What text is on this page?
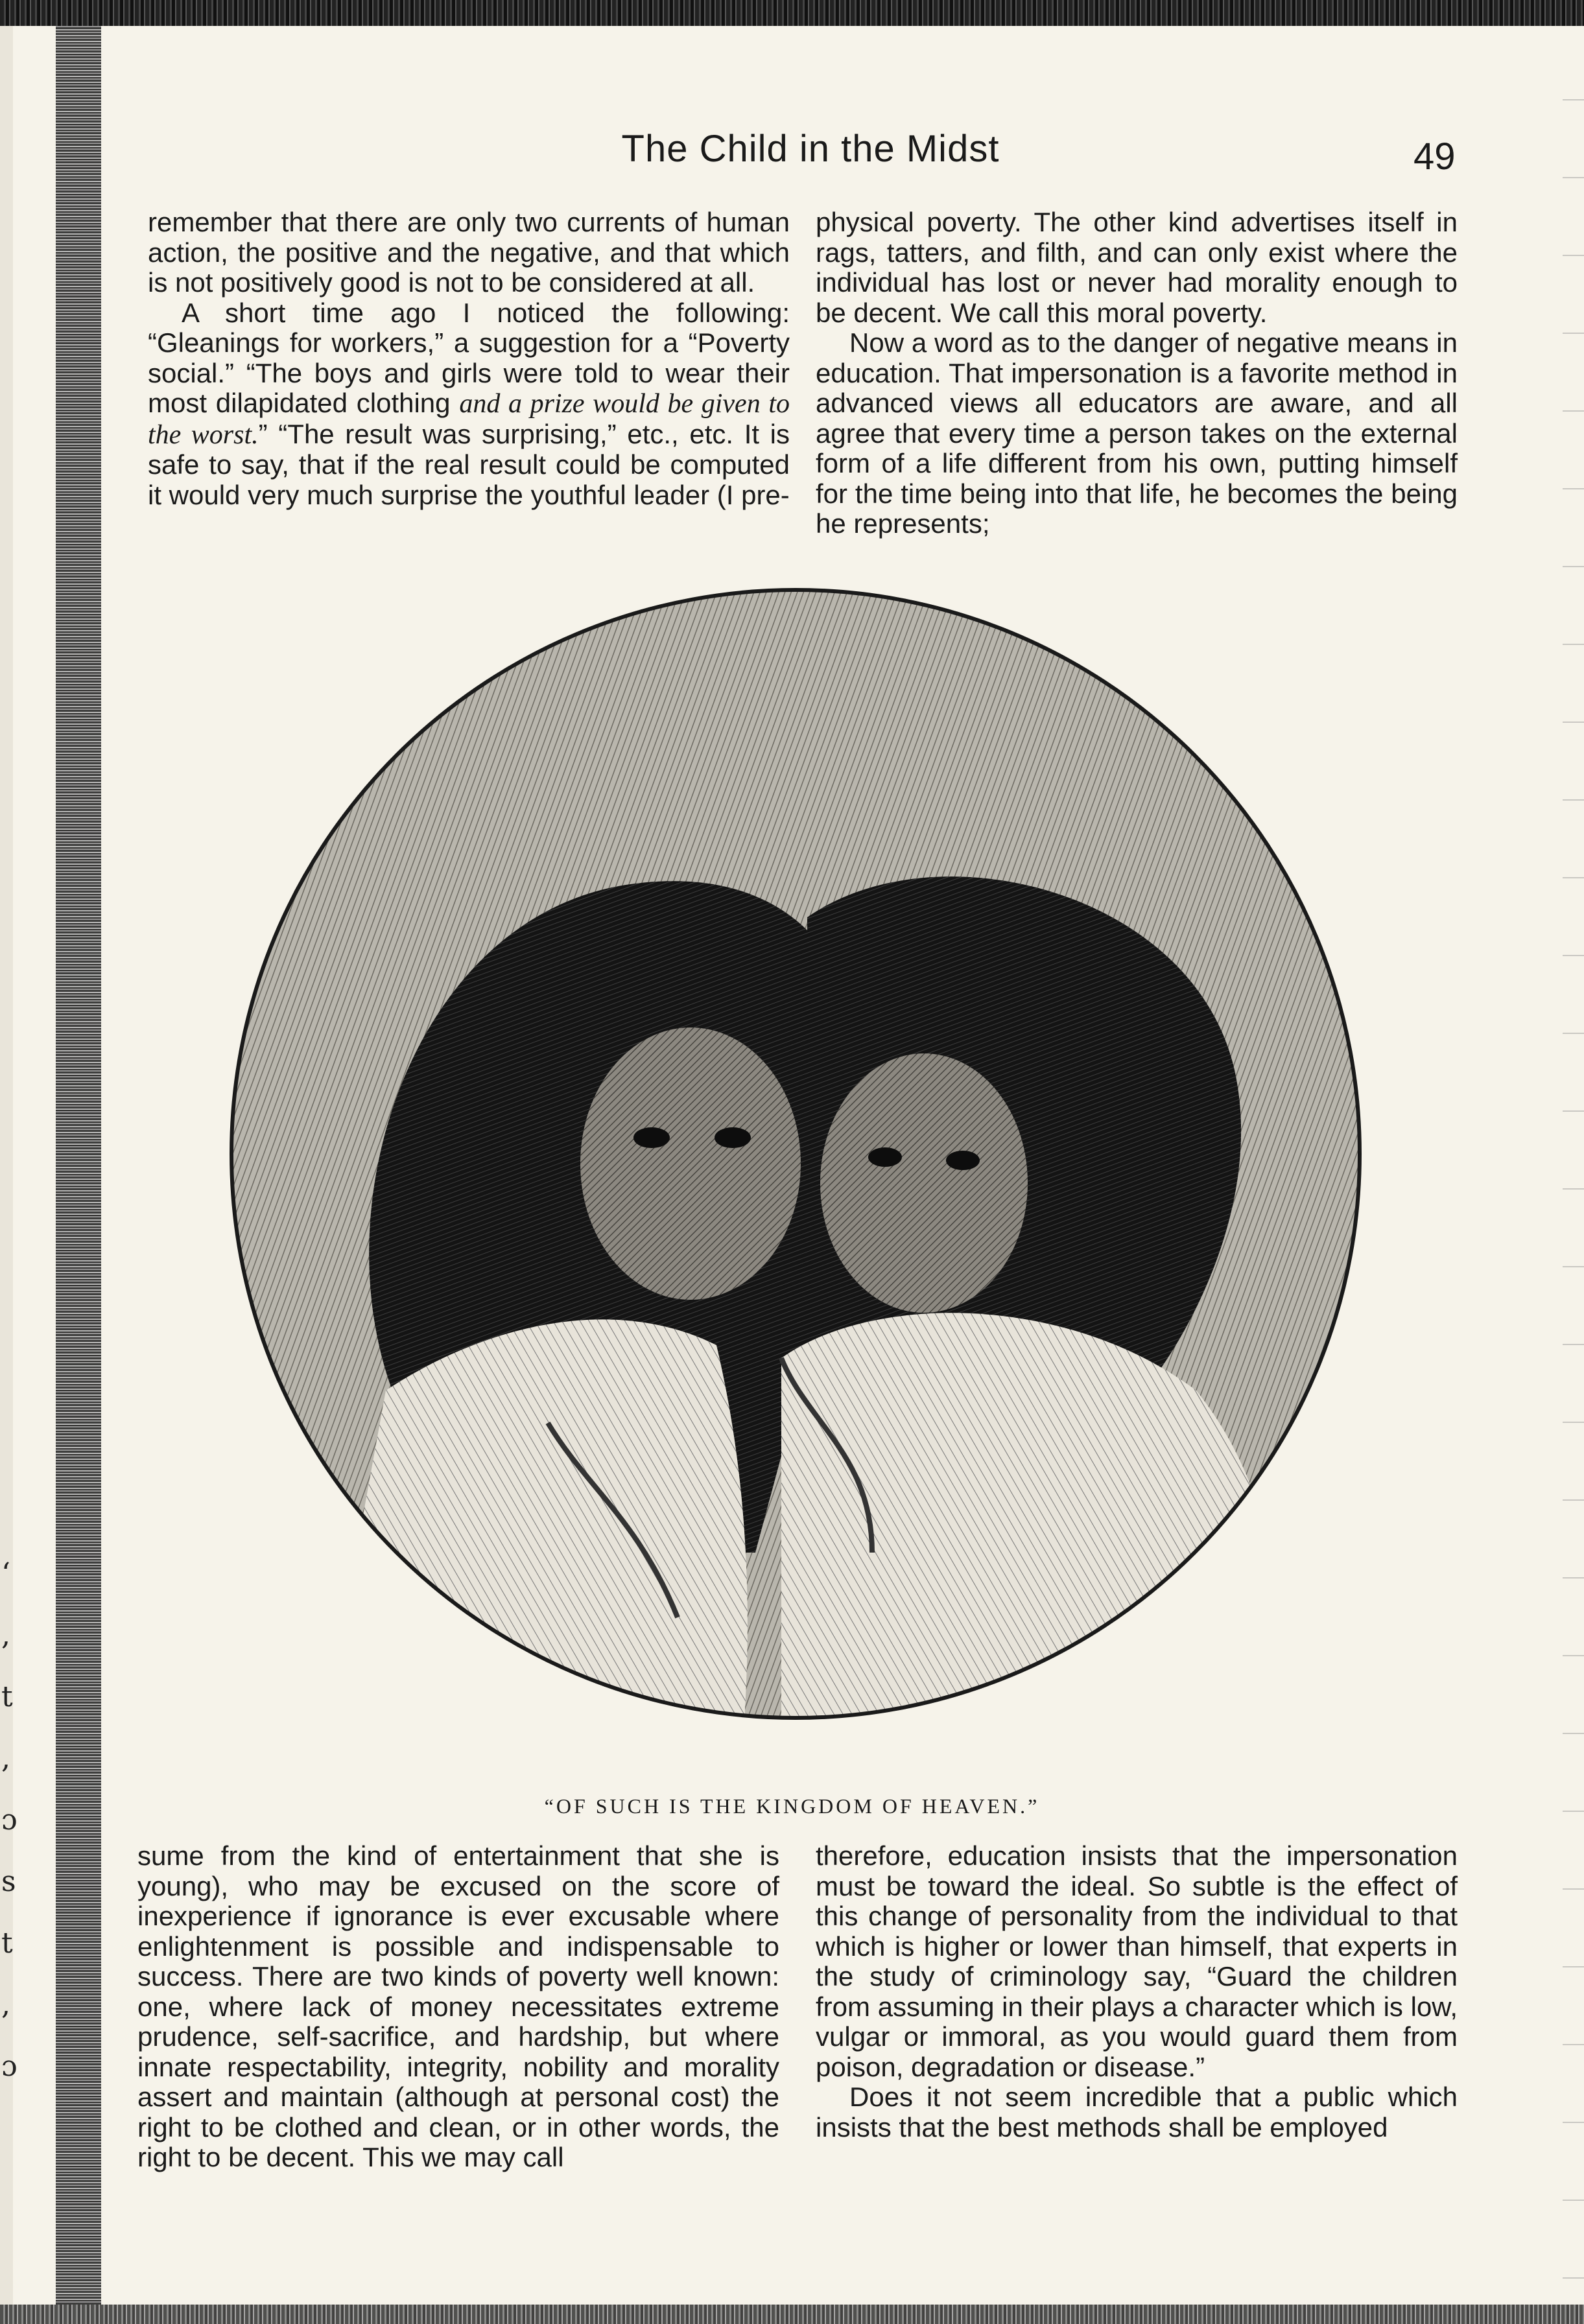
ʻ
,
t
,
ɔ
s
t
,
ɔ
The Child in the Midst	49

remember that there are only two currents of human action, the positive and the negative, and that which is not positively good is not to be considered at all.

A short time ago I noticed the following: “Gleanings for workers,” a suggestion for a “Poverty social.” “The boys and girls were told to wear their most dilapidated clothing and a prize would be given to the worst.” “The result was surprising,” etc., etc. It is safe to say, that if the real result could be computed it would very much surprise the youthful leader (I pre-

physical poverty. The other kind advertises itself in rags, tatters, and filth, and can only exist where the individual has lost or never had morality enough to be decent. We call this moral poverty.

Now a word as to the danger of negative means in education. That impersonation is a favorite method in advanced views all educators are aware, and all agree that every time a person takes on the external form of a life different from his own, putting himself for the time being into that life, he becomes the being he represents;

“OF SUCH IS THE KINGDOM OF HEAVEN.”

sume from the kind of entertainment that she is young), who may be excused on the score of inexperience if ignorance is ever excusable where enlightenment is possible and indispensable to success. There are two kinds of poverty well known: one, where lack of money necessitates extreme prudence, self-sacrifice, and hardship, but where innate respectability, integrity, nobility and morality assert and maintain (although at personal cost) the right to be clothed and clean, or in other words, the right to be decent. This we may call

therefore, education insists that the impersonation must be toward the ideal. So subtle is the effect of this change of personality from the individual to that which is higher or lower than himself, that experts in the study of criminology say, “Guard the children from assuming in their plays a character which is low, vulgar or immoral, as you would guard them from poison, degradation or disease.”

Does it not seem incredible that a public which insists that the best methods shall be employed
